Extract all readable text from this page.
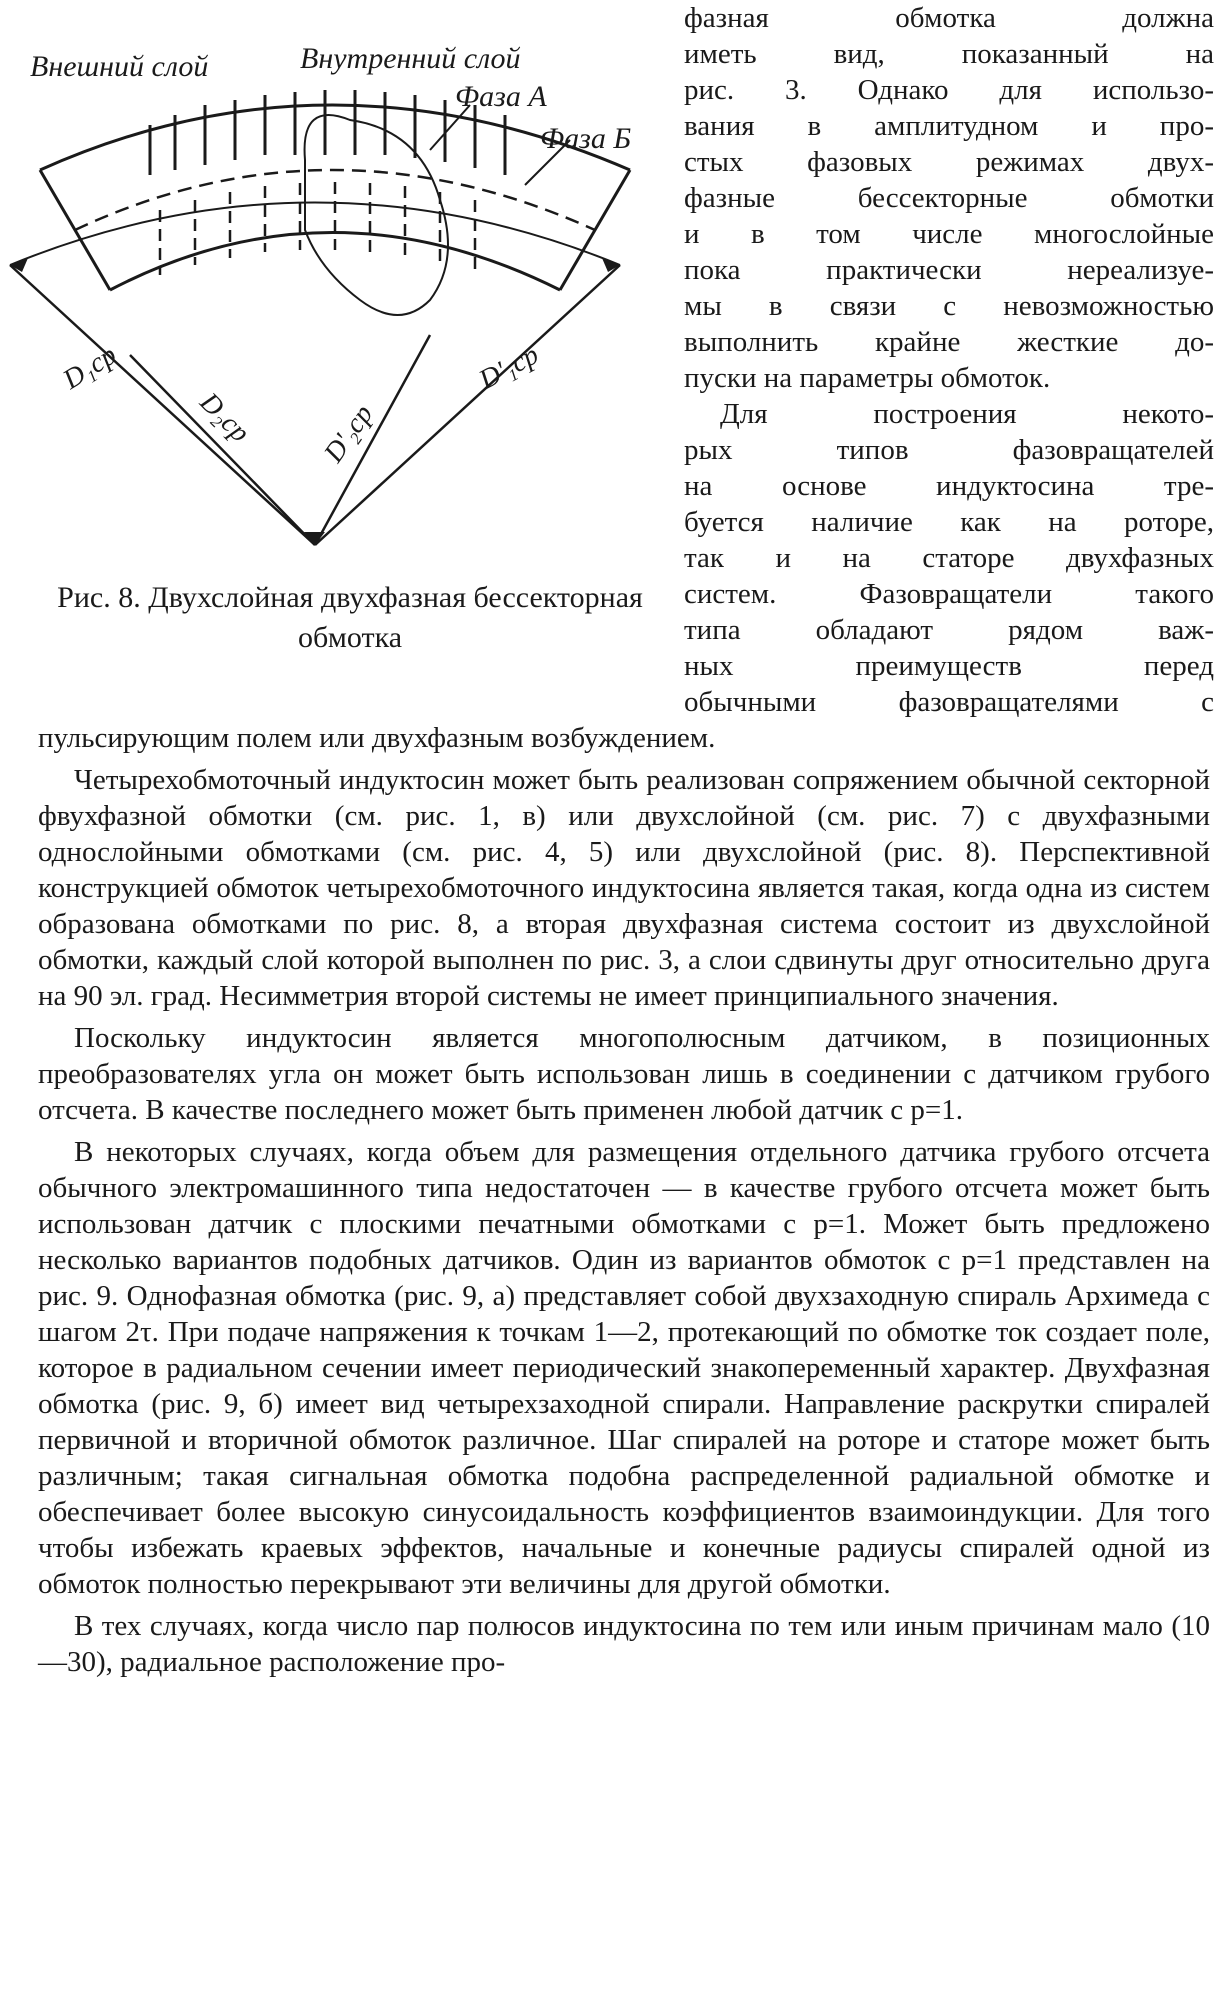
Внешний слой	Внутренний слой
Фаза А
Фаза Б
D₁cp
D₂cp D'₂cp
D'₁cp
Рис. 8. Двухслойная двухфазная бессекторная обмотка

фазная обмотка должна
иметь вид, показанный на
рис. 3. Однако для использо-
вания в амплитудном и про-
стых фазовых режимах двух-
фазные бессекторные обмотки
и в том числе многослойные
пока практически нереализуе-
мы в связи с невозможностью
выполнить крайне жесткие до-
пуски на параметры обмоток.
Для построения некото-
рых типов фазовращателей
на основе индуктосина тре-
буется наличие как на роторе,
так и на статоре двухфазных
систем. Фазовращатели такого
типа обладают рядом важ-
ных преимуществ перед
обычными фазовращателями с

пульсирующим полем или двухфазным возбуждением.

Четырехобмоточный индуктосин может быть реализован сопряжением обычной секторной фвухфазной обмотки (см. рис. 1, в) или двухслойной (см. рис. 7) с двухфазными однослойными обмотками (см. рис. 4, 5) или двухслойной (рис. 8). Перспективной конструкцией обмоток четырехобмоточного индуктосина является такая, когда одна из систем образована обмотками по рис. 8, а вторая двухфазная система состоит из двухслойной обмотки, каждый слой которой выполнен по рис. 3, а слои сдвинуты друг относительно друга на 90 эл. град. Несимметрия второй системы не имеет принципиального значения.

Поскольку индуктосин является многополюсным датчиком, в позиционных преобразователях угла он может быть использован лишь в соединении с датчиком грубого отсчета. В качестве последнего может быть применен любой датчик с p=1.

В некоторых случаях, когда объем для размещения отдельного датчика грубого отсчета обычного электромашинного типа недостаточен — в качестве грубого отсчета может быть использован датчик с плоскими печатными обмотками с p=1. Может быть предложено несколько вариантов подобных датчиков. Один из вариантов обмоток с p=1 представлен на рис. 9. Однофазная обмотка (рис. 9, а) представляет собой двухзаходную спираль Архимеда с шагом 2τ. При подаче напряжения к точкам 1—2, протекающий по обмотке ток создает поле, которое в радиальном сечении имеет периодический знакопеременный характер. Двухфазная обмотка (рис. 9, б) имеет вид четырехзаходной спирали. Направление раскрутки спиралей первичной и вторичной обмоток различное. Шаг спиралей на роторе и статоре может быть различным; такая сигнальная обмотка подобна распределенной радиальной обмотке и обеспечивает более высокую синусоидальность коэффициентов взаимоиндукции. Для того чтобы избежать краевых эффектов, начальные и конечные радиусы спиралей одной из обмоток полностью перекрывают эти величины для другой обмотки.

В тех случаях, когда число пар полюсов индуктосина по тем или иным причинам мало (10—30), радиальное расположение про-
